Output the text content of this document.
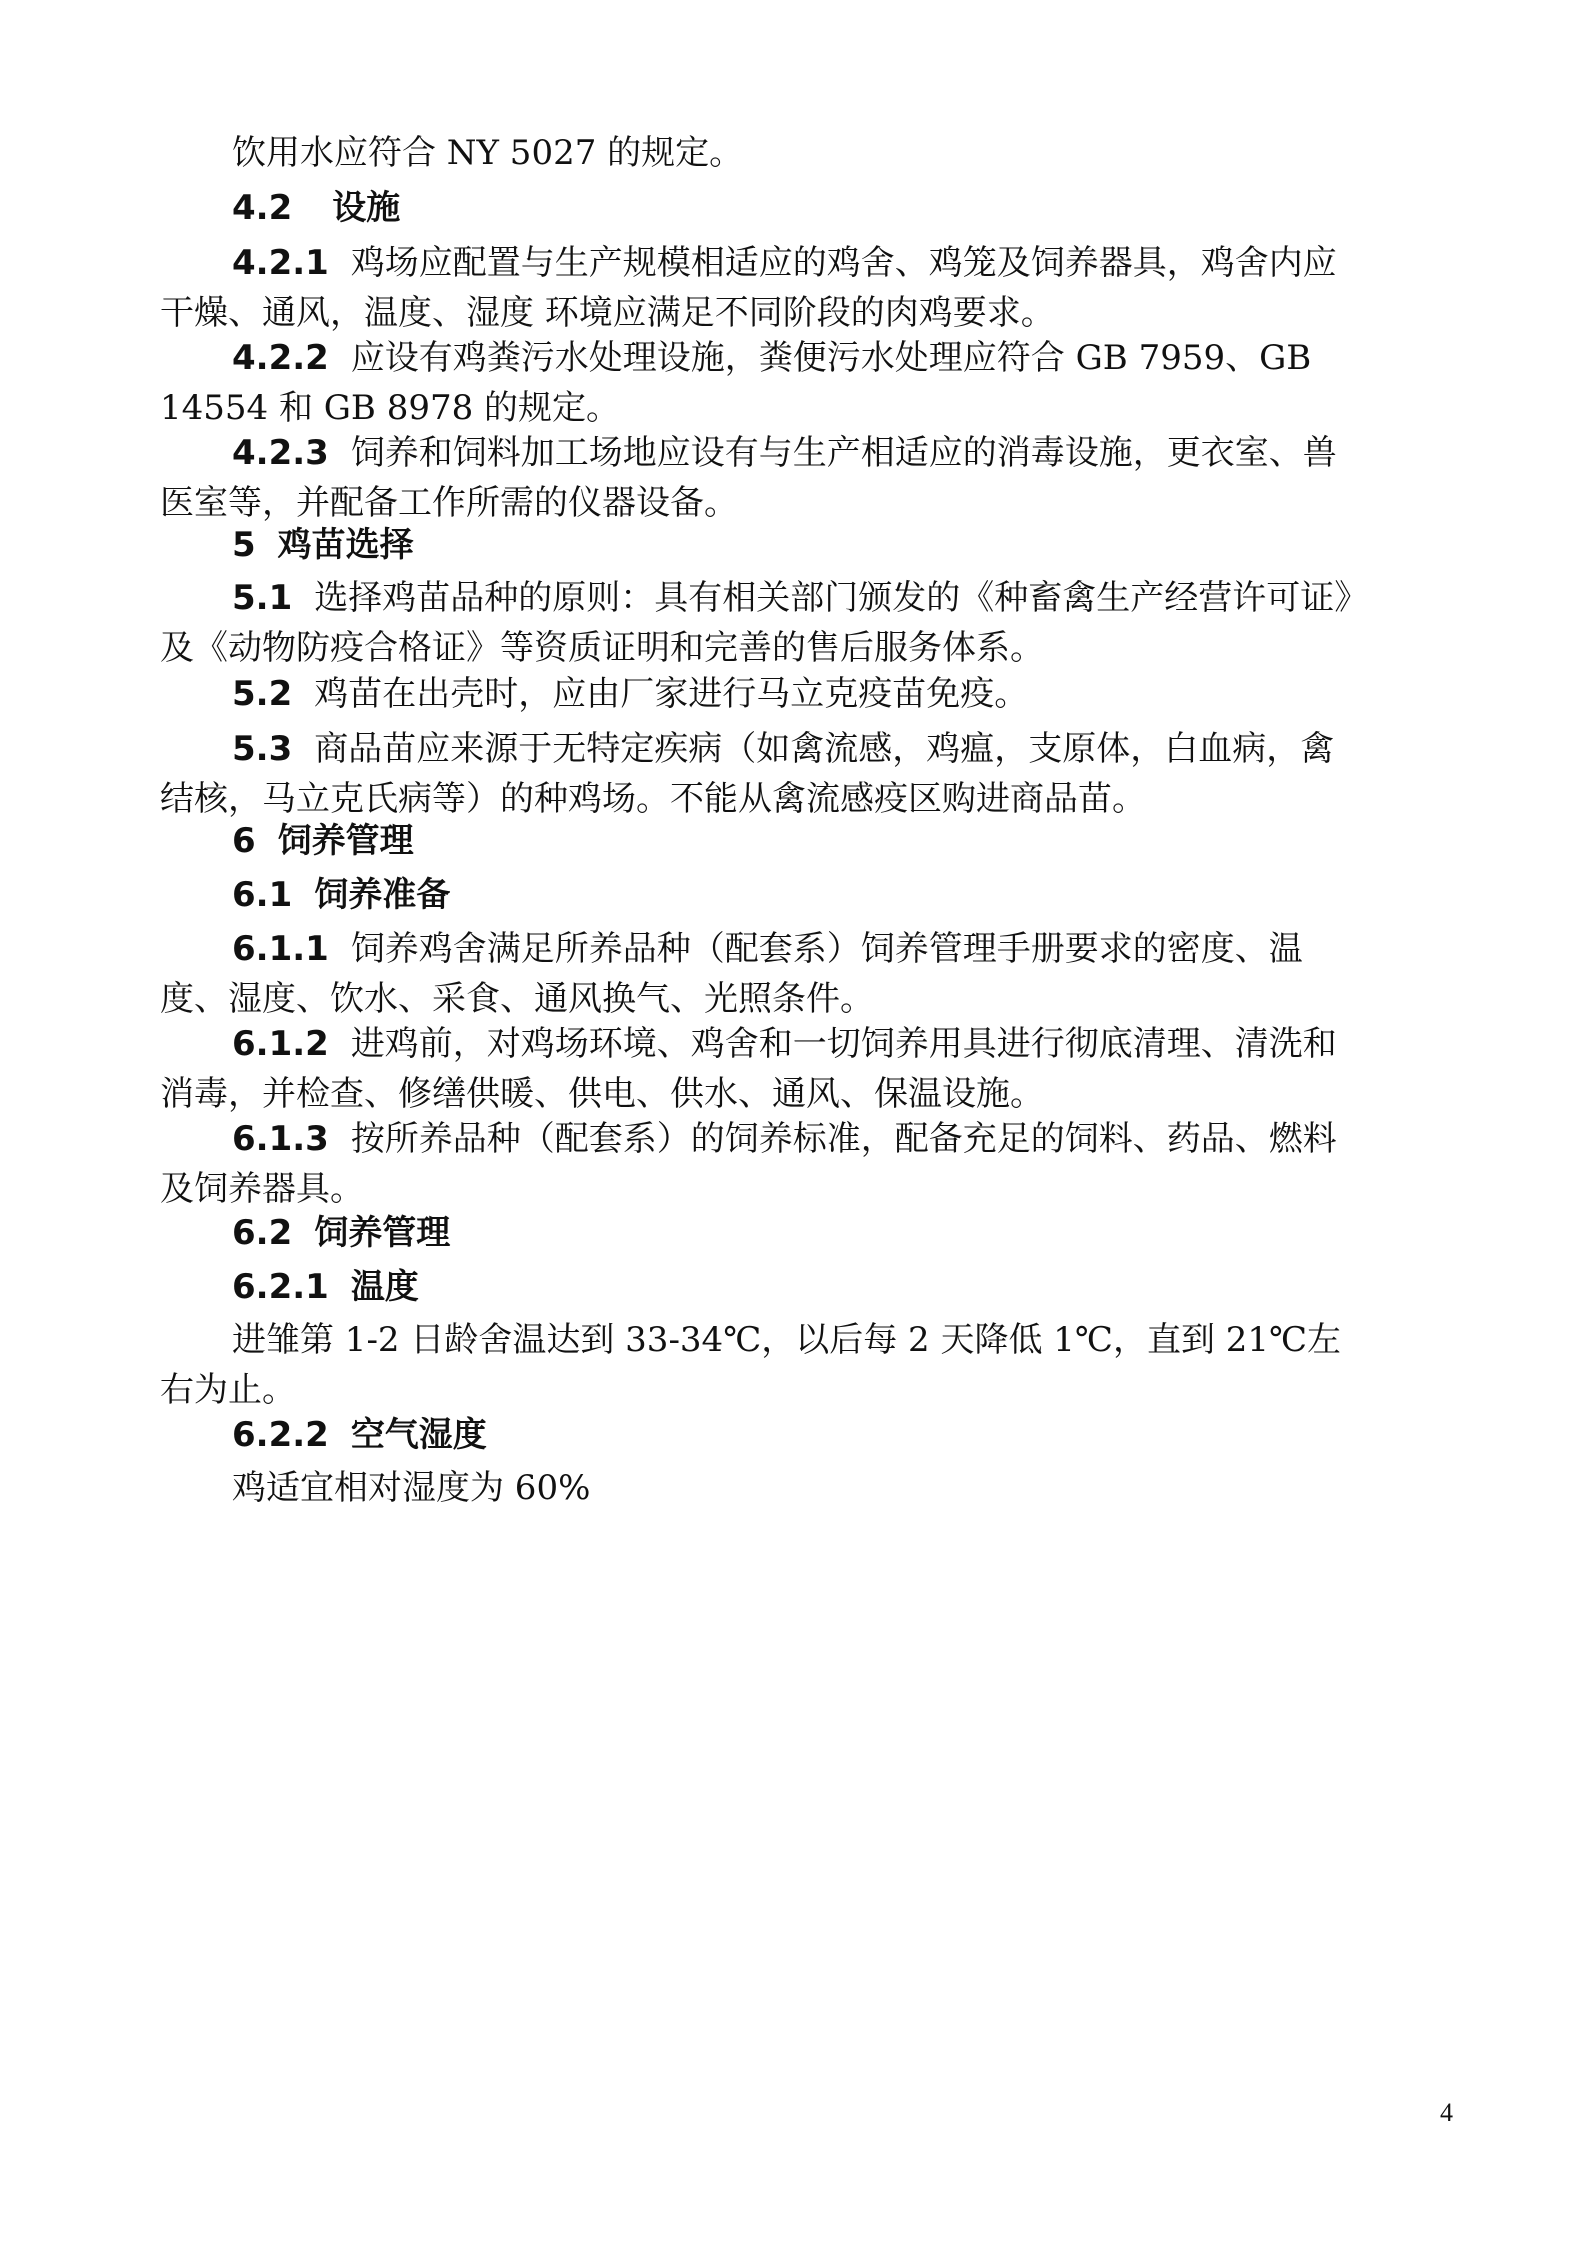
饮用水应符合 NY 5027 的规定。
4.2 设施
4.2.1 鸡场应配置与生产规模相适应的鸡舍、鸡笼及饲养器具，鸡舍内应干燥、通风，温度、湿度 环境应满足不同阶段的肉鸡要求。
4.2.2 应设有鸡粪污水处理设施，粪便污水处理应符合 GB 7959、GB 14554 和 GB 8978 的规定。
4.2.3 饲养和饲料加工场地应设有与生产相适应的消毒设施，更衣室、兽医室等，并配备工作所需的仪器设备。
5 鸡苗选择
5.1 选择鸡苗品种的原则：具有相关部门颁发的《种畜禽生产经营许可证》及《动物防疫合格证》等资质证明和完善的售后服务体系。
5.2 鸡苗在出壳时，应由厂家进行马立克疫苗免疫。
5.3 商品苗应来源于无特定疾病（如禽流感，鸡瘟，支原体，白血病，禽结核，马立克氏病等）的种鸡场。不能从禽流感疫区购进商品苗。
6 饲养管理
6.1 饲养准备
6.1.1 饲养鸡舍满足所养品种（配套系）饲养管理手册要求的密度、温度、湿度、饮水、采食、通风换气、光照条件。
6.1.2 进鸡前，对鸡场环境、鸡舍和一切饲养用具进行彻底清理、清洗和消毒，并检查、修缮供暖、供电、供水、通风、保温设施。
6.1.3 按所养品种（配套系）的饲养标准，配备充足的饲料、药品、燃料及饲养器具。
6.2 饲养管理
6.2.1 温度
进雏第 1-2 日龄舍温达到 33-34℃，以后每 2 天降低 1℃，直到 21℃左右为止。
6.2.2 空气湿度
鸡适宜相对湿度为 60%
4
